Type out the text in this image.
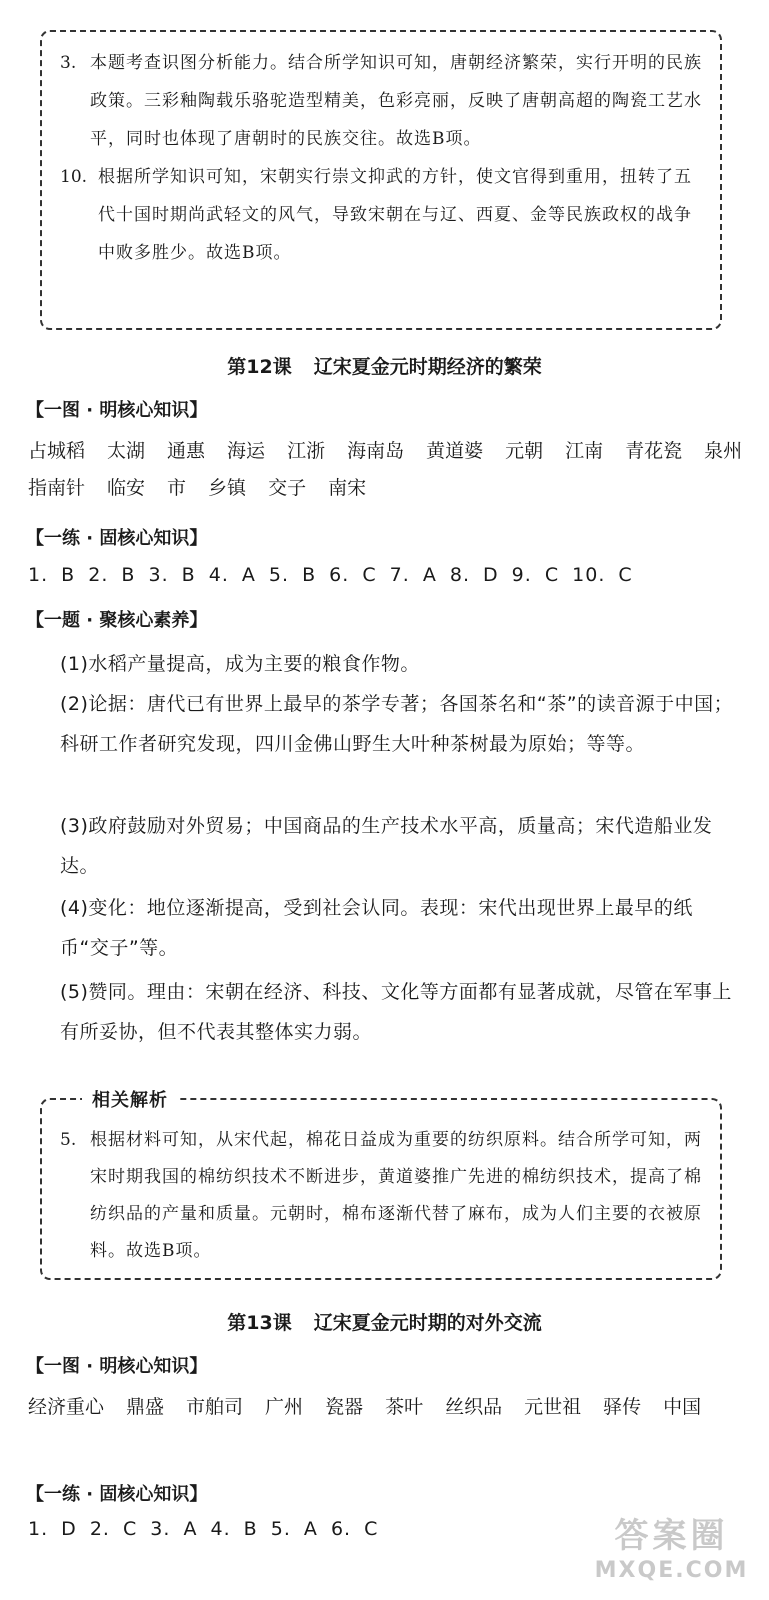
3. 本题考查识图分析能力。结合所学知识可知，唐朝经济繁荣，实行开明的民族政策。三彩釉陶载乐骆驼造型精美，色彩亮丽，反映了唐朝高超的陶瓷工艺水平，同时也体现了唐朝时的民族交往。故选B项。
10. 根据所学知识可知，宋朝实行崇文抑武的方针，使文官得到重用，扭转了五代十国时期尚武轻文的风气，导致宋朝在与辽、西夏、金等民族政权的战争中败多胜少。故选B项。
第12课 辽宋夏金元时期经济的繁荣
【一图 · 明核心知识】
占城稻 太湖 通惠 海运 江浙 海南岛 黄道婆 元朝 江南 青花瓷 泉州
指南针 临安 市 乡镇 交子 南宋
【一练 · 固核心知识】
1. B 2. B 3. B 4. A 5. B 6. C 7. A 8. D 9. C 10. C
【一题 · 聚核心素养】
(1)水稻产量提高，成为主要的粮食作物。
(2)论据：唐代已有世界上最早的茶学专著；各国茶名和“茶”的读音源于中国；科研工作者研究发现，四川金佛山野生大叶种茶树最为原始；等等。
(3)政府鼓励对外贸易；中国商品的生产技术水平高，质量高；宋代造船业发达。
(4)变化：地位逐渐提高，受到社会认同。表现：宋代出现世界上最早的纸币“交子”等。
(5)赞同。理由：宋朝在经济、科技、文化等方面都有显著成就，尽管在军事上有所妥协，但不代表其整体实力弱。
相关解析
5. 根据材料可知，从宋代起，棉花日益成为重要的纺织原料。结合所学可知，两宋时期我国的棉纺织技术不断进步，黄道婆推广先进的棉纺织技术，提高了棉纺织品的产量和质量。元朝时，棉布逐渐代替了麻布，成为人们主要的衣被原料。故选B项。
第13课 辽宋夏金元时期的对外交流
【一图 · 明核心知识】
经济重心 鼎盛 市舶司 广州 瓷器 茶叶 丝织品 元世祖 驿传 中国
【一练 · 固核心知识】
1. D 2. C 3. A 4. B 5. A 6. C	答案圈
MXQE.COM
